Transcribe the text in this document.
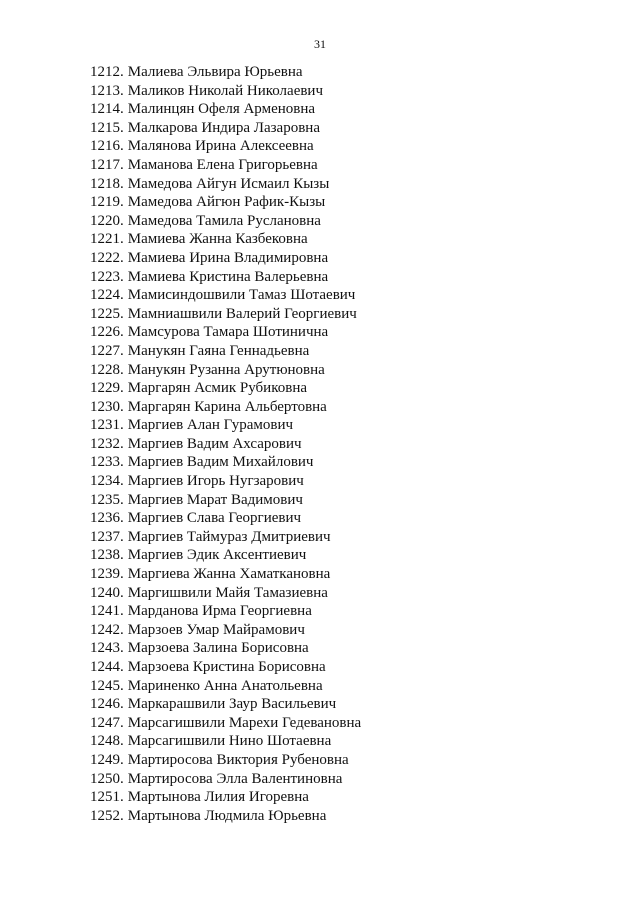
31
1212. Малиева Эльвира Юрьевна
1213. Маликов Николай Николаевич
1214. Малинцян Офеля Арменовна
1215. Малкарова Индира Лазаровна
1216. Малянова Ирина Алексеевна
1217. Маманова Елена Григорьевна
1218. Мамедова Айгун Исмаил Кызы
1219. Мамедова Айгюн Рафик-Кызы
1220. Мамедова Тамила Руслановна
1221. Мамиева Жанна Казбековна
1222. Мамиева Ирина Владимировна
1223. Мамиева Кристина Валерьевна
1224. Мамисиндошвили Тамаз Шотаевич
1225. Мамниашвили Валерий Георгиевич
1226. Мамсурова Тамара Шотинична
1227. Манукян Гаяна Геннадьевна
1228. Манукян Рузанна Арутюновна
1229. Маргарян Асмик Рубиковна
1230. Маргарян Карина Альбертовна
1231. Маргиев Алан Гурамович
1232. Маргиев Вадим Ахсарович
1233. Маргиев Вадим Михайлович
1234. Маргиев Игорь Нугзарович
1235. Маргиев Марат Вадимович
1236. Маргиев Слава Георгиевич
1237. Маргиев Таймураз Дмитриевич
1238. Маргиев Эдик Аксентиевич
1239. Маргиева Жанна Хаматкановна
1240. Маргишвили Майя Тамазиевна
1241. Марданова Ирма Георгиевна
1242. Марзоев Умар Майрамович
1243. Марзоева Залина Борисовна
1244. Марзоева Кристина Борисовна
1245. Мариненко Анна Анатольевна
1246. Маркарашвили Заур Васильевич
1247. Марсагишвили Марехи Гедевановна
1248. Марсагишвили Нино Шотаевна
1249. Мартиросова Виктория Рубеновна
1250. Мартиросова Элла Валентиновна
1251. Мартынова Лилия Игоревна
1252. Мартынова Людмила Юрьевна
